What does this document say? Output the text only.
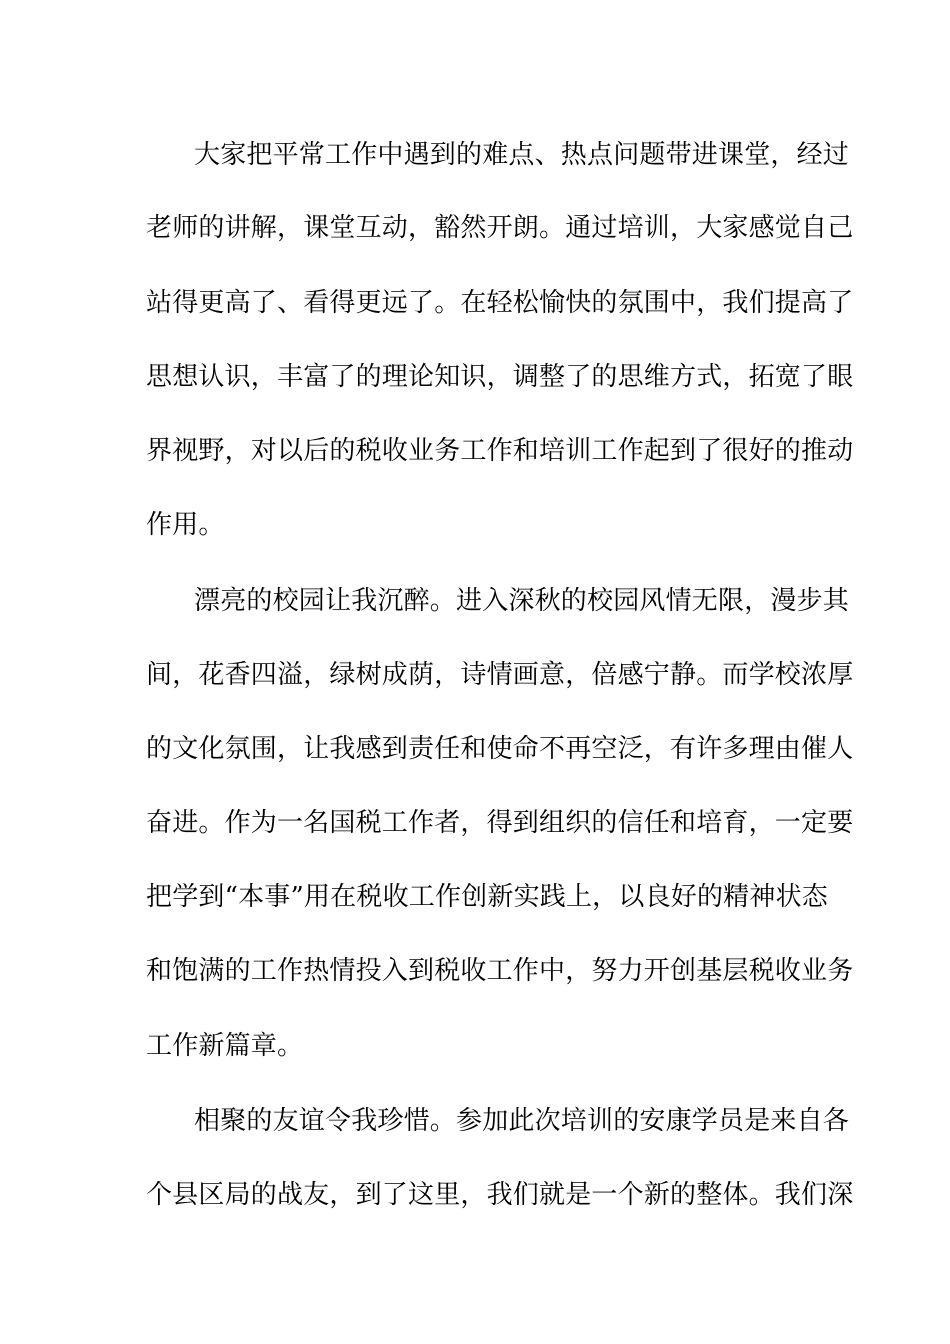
大家把平常工作中遇到的难点、热点问题带进课堂，经过
老师的讲解，课堂互动，豁然开朗。通过培训，大家感觉自己
站得更高了、看得更远了。在轻松愉快的氛围中，我们提高了
思想认识，丰富了的理论知识，调整了的思维方式，拓宽了眼
界视野，对以后的税收业务工作和培训工作起到了很好的推动
作用。
漂亮的校园让我沉醉。进入深秋的校园风情无限，漫步其
间，花香四溢，绿树成荫，诗情画意，倍感宁静。而学校浓厚
的文化氛围，让我感到责任和使命不再空泛，有许多理由催人
奋进。作为一名国税工作者，得到组织的信任和培育，一定要
把学到“本事”用在税收工作创新实践上，以良好的精神状态
和饱满的工作热情投入到税收工作中，努力开创基层税收业务
工作新篇章。
相聚的友谊令我珍惜。参加此次培训的安康学员是来自各
个县区局的战友，到了这里，我们就是一个新的整体。我们深
